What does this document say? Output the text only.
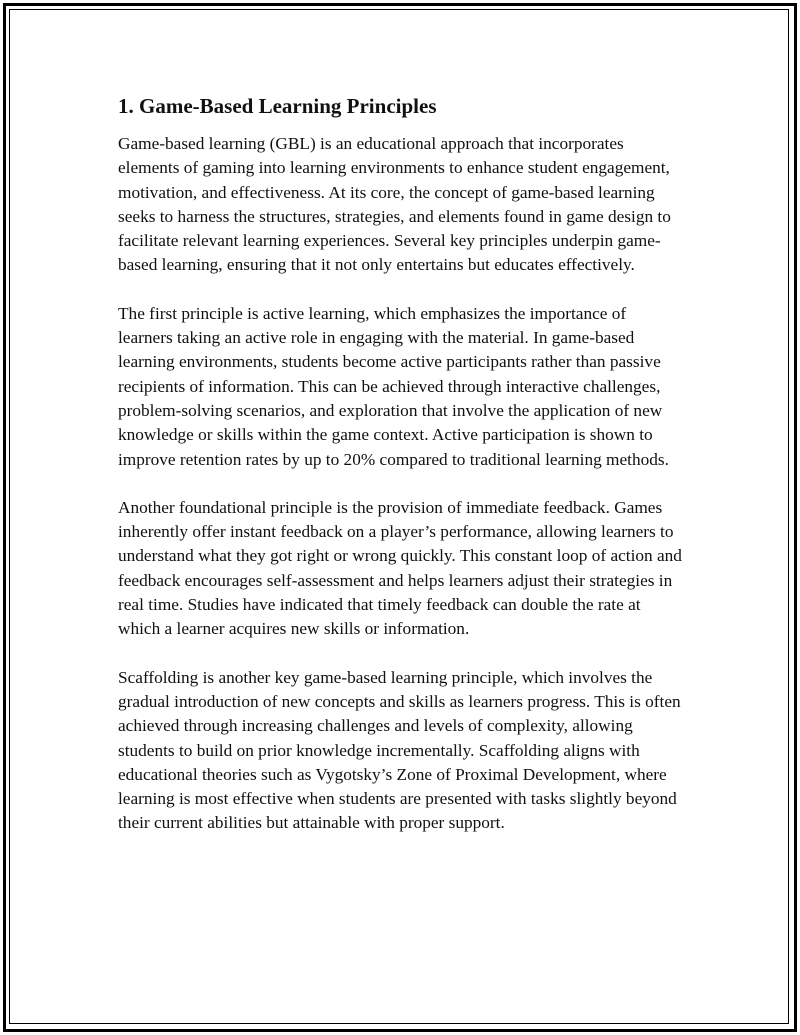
1. Game-Based Learning Principles

Game-based learning (GBL) is an educational approach that incorporates elements of gaming into learning environments to enhance student engagement, motivation, and effectiveness. At its core, the concept of game-based learning seeks to harness the structures, strategies, and elements found in game design to facilitate relevant learning experiences. Several key principles underpin game-based learning, ensuring that it not only entertains but educates effectively.

The first principle is active learning, which emphasizes the importance of learners taking an active role in engaging with the material. In game-based learning environments, students become active participants rather than passive recipients of information. This can be achieved through interactive challenges, problem-solving scenarios, and exploration that involve the application of new knowledge or skills within the game context. Active participation is shown to improve retention rates by up to 20% compared to traditional learning methods.

Another foundational principle is the provision of immediate feedback. Games inherently offer instant feedback on a player’s performance, allowing learners to understand what they got right or wrong quickly. This constant loop of action and feedback encourages self-assessment and helps learners adjust their strategies in real time. Studies have indicated that timely feedback can double the rate at which a learner acquires new skills or information.

Scaffolding is another key game-based learning principle, which involves the gradual introduction of new concepts and skills as learners progress. This is often achieved through increasing challenges and levels of complexity, allowing students to build on prior knowledge incrementally. Scaffolding aligns with educational theories such as Vygotsky’s Zone of Proximal Development, where learning is most effective when students are presented with tasks slightly beyond their current abilities but attainable with proper support.
